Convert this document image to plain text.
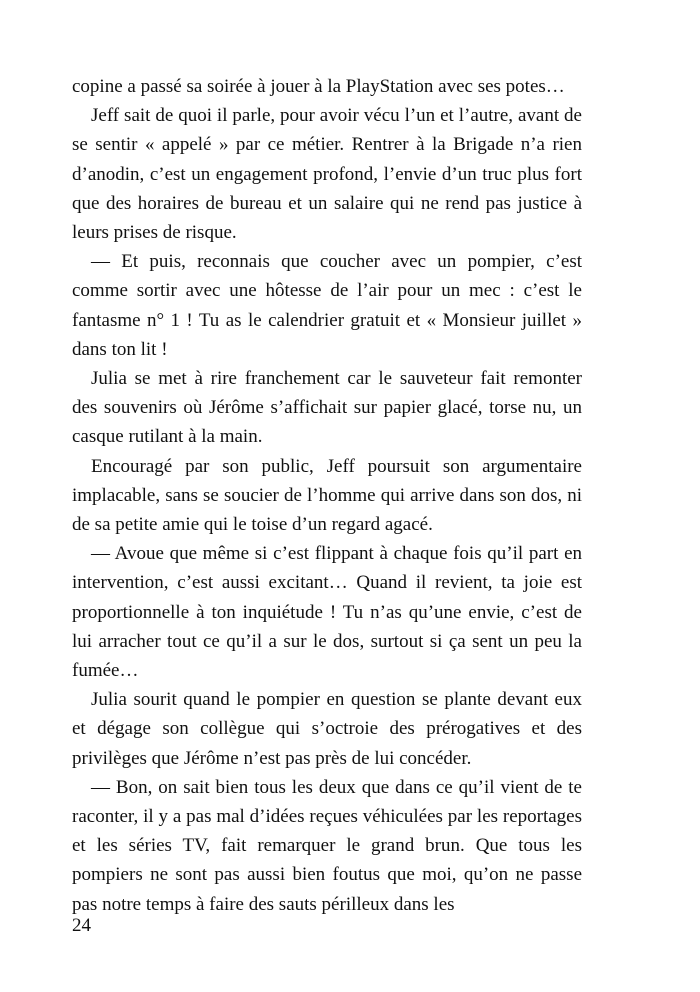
copine a passé sa soirée à jouer à la PlayStation avec ses potes…

Jeff sait de quoi il parle, pour avoir vécu l’un et l’autre, avant de se sentir « appelé » par ce métier. Rentrer à la Brigade n’a rien d’anodin, c’est un engagement profond, l’envie d’un truc plus fort que des horaires de bureau et un salaire qui ne rend pas justice à leurs prises de risque.

— Et puis, reconnais que coucher avec un pompier, c’est comme sortir avec une hôtesse de l’air pour un mec : c’est le fantasme n° 1 ! Tu as le calendrier gratuit et « Monsieur juillet » dans ton lit !

Julia se met à rire franchement car le sauveteur fait remonter des souvenirs où Jérôme s’affichait sur papier glacé, torse nu, un casque rutilant à la main.

Encouragé par son public, Jeff poursuit son argumentaire implacable, sans se soucier de l’homme qui arrive dans son dos, ni de sa petite amie qui le toise d’un regard agacé.

— Avoue que même si c’est flippant à chaque fois qu’il part en intervention, c’est aussi excitant… Quand il revient, ta joie est proportionnelle à ton inquiétude ! Tu n’as qu’une envie, c’est de lui arracher tout ce qu’il a sur le dos, surtout si ça sent un peu la fumée…

Julia sourit quand le pompier en question se plante devant eux et dégage son collègue qui s’octroie des prérogatives et des privilèges que Jérôme n’est pas près de lui concéder.

— Bon, on sait bien tous les deux que dans ce qu’il vient de te raconter, il y a pas mal d’idées reçues véhiculées par les reportages et les séries TV, fait remarquer le grand brun. Que tous les pompiers ne sont pas aussi bien foutus que moi, qu’on ne passe pas notre temps à faire des sauts périlleux dans les

24
